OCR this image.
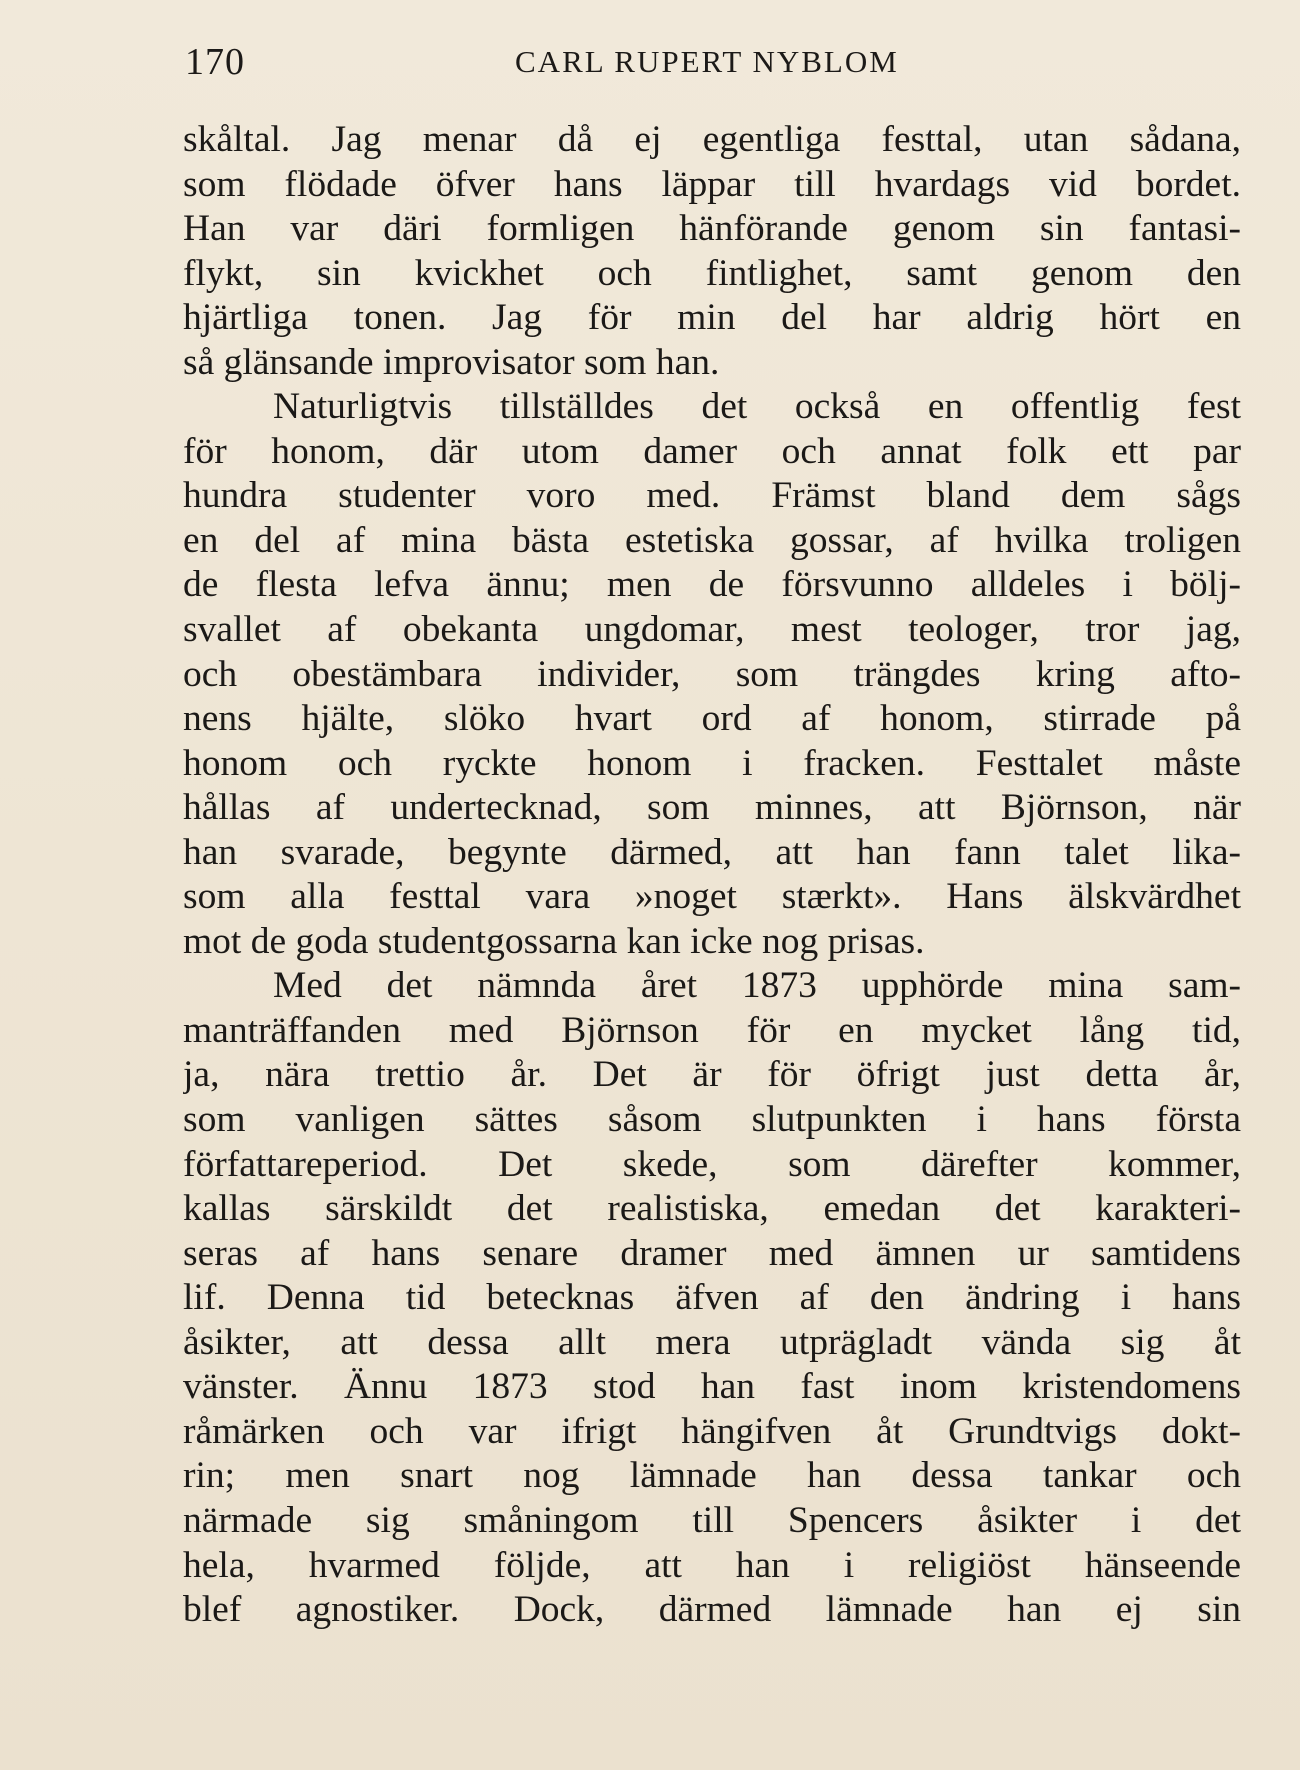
170	CARL RUPERT NYBLOM
skåltal. Jag menar då ej egentliga festtal, utan sådana,
som flödade öfver hans läppar till hvardags vid bordet.
Han var däri formligen hänförande genom sin fantasi-
flykt, sin kvickhet och fintlighet, samt genom den
hjärtliga tonen. Jag för min del har aldrig hört en
så glänsande improvisator som han.
Naturligtvis tillställdes det också en offentlig fest
för honom, där utom damer och annat folk ett par
hundra studenter voro med. Främst bland dem sågs
en del af mina bästa estetiska gossar, af hvilka troligen
de flesta lefva ännu; men de försvunno alldeles i bölj-
svallet af obekanta ungdomar, mest teologer, tror jag,
och obestämbara individer, som trängdes kring afto-
nens hjälte, slöko hvart ord af honom, stirrade på
honom och ryckte honom i fracken. Festtalet måste
hållas af undertecknad, som minnes, att Björnson, när
han svarade, begynte därmed, att han fann talet lika-
som alla festtal vara »noget stærkt». Hans älskvärdhet
mot de goda studentgossarna kan icke nog prisas.
Med det nämnda året 1873 upphörde mina sam-
manträffanden med Björnson för en mycket lång tid,
ja, nära trettio år. Det är för öfrigt just detta år,
som vanligen sättes såsom slutpunkten i hans första
författareperiod. Det skede, som därefter kommer,
kallas särskildt det realistiska, emedan det karakteri-
seras af hans senare dramer med ämnen ur samtidens
lif. Denna tid betecknas äfven af den ändring i hans
åsikter, att dessa allt mera utprägladt vända sig åt
vänster. Ännu 1873 stod han fast inom kristendomens
råmärken och var ifrigt hängifven åt Grundtvigs dokt-
rin; men snart nog lämnade han dessa tankar och
närmade sig småningom till Spencers åsikter i det
hela, hvarmed följde, att han i religiöst hänseende
blef agnostiker. Dock, därmed lämnade han ej sin
